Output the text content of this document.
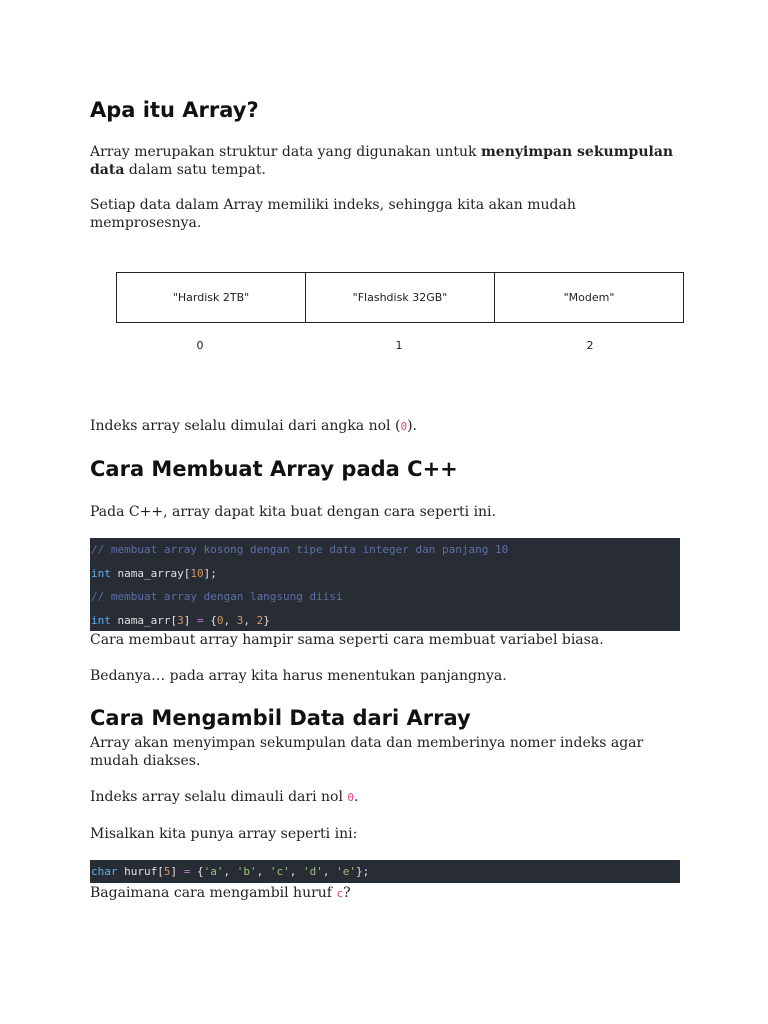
Apa itu Array?

Array merupakan struktur data yang digunakan untuk menyimpan sekumpulan data dalam satu tempat.

Setiap data dalam Array memiliki indeks, sehingga kita akan mudah memprosesnya.

Indeks array selalu dimulai dari angka nol (0).

Cara Membuat Array pada C++

Pada C++, array dapat kita buat dengan cara seperti ini.

// membuat array kosong dengan tipe data integer dan panjang 10
int nama_array[10];
// membuat array dengan langsung diisi
int nama_arr[3] = {0, 3, 2}

Cara membaut array hampir sama seperti cara membuat variabel biasa.

Bedanya… pada array kita harus menentukan panjangnya.

Cara Mengambil Data dari Array

Array akan menyimpan sekumpulan data dan memberinya nomer indeks agar mudah diakses.

Indeks array selalu dimauli dari nol 0.

Misalkan kita punya array seperti ini:

char huruf[5] = {'a', 'b', 'c', 'd', 'e'};

Bagaimana cara mengambil huruf c?

"Hardisk 2TB"	"Flashdisk 32GB"	"Modem"
0	1	2
